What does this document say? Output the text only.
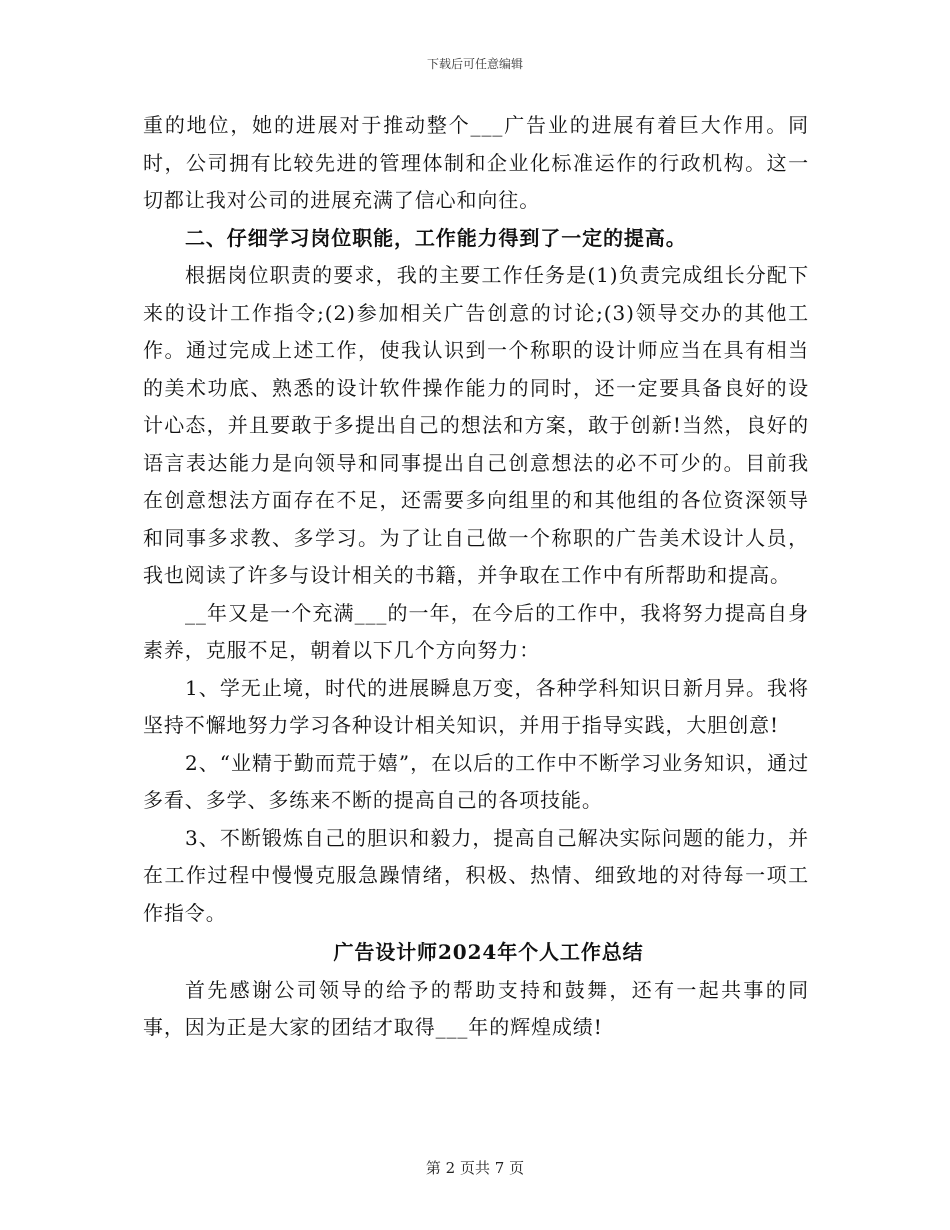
下载后可任意编辑

重的地位，她的进展对于推动整个___广告业的进展有着巨大作用。同时，公司拥有比较先进的管理体制和企业化标准运作的行政机构。这一切都让我对公司的进展充满了信心和向往。

二、仔细学习岗位职能，工作能力得到了一定的提高。

根据岗位职责的要求，我的主要工作任务是(1)负责完成组长分配下来的设计工作指令;(2)参加相关广告创意的讨论;(3)领导交办的其他工作。通过完成上述工作，使我认识到一个称职的设计师应当在具有相当的美术功底、熟悉的设计软件操作能力的同时，还一定要具备良好的设计心态，并且要敢于多提出自己的想法和方案，敢于创新!当然，良好的语言表达能力是向领导和同事提出自己创意想法的必不可少的。目前我在创意想法方面存在不足，还需要多向组里的和其他组的各位资深领导和同事多求教、多学习。为了让自己做一个称职的广告美术设计人员，我也阅读了许多与设计相关的书籍，并争取在工作中有所帮助和提高。

__年又是一个充满___的一年，在今后的工作中，我将努力提高自身素养，克服不足，朝着以下几个方向努力：

1、学无止境，时代的进展瞬息万变，各种学科知识日新月异。我将坚持不懈地努力学习各种设计相关知识，并用于指导实践，大胆创意!

2、“业精于勤而荒于嬉”，在以后的工作中不断学习业务知识，通过多看、多学、多练来不断的提高自己的各项技能。

3、不断锻炼自己的胆识和毅力，提高自己解决实际问题的能力，并在工作过程中慢慢克服急躁情绪，积极、热情、细致地的对待每一项工作指令。

广告设计师2024年个人工作总结

首先感谢公司领导的给予的帮助支持和鼓舞，还有一起共事的同事，因为正是大家的团结才取得___年的辉煌成绩!

第 2 页共 7 页
